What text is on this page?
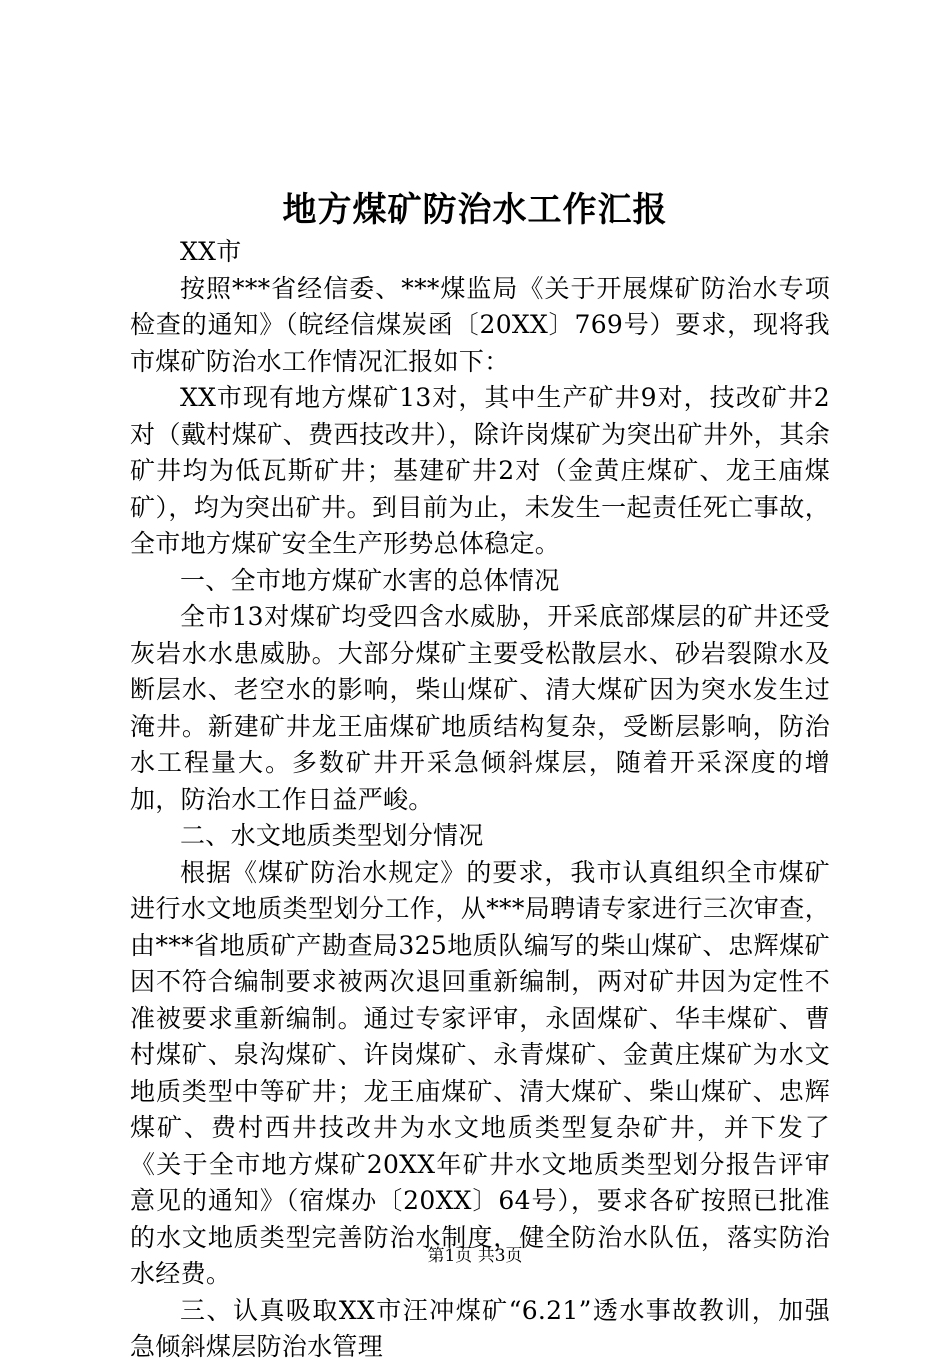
地方煤矿防治水工作汇报

XX市

按照***省经信委、***煤监局《关于开展煤矿防治水专项检查的通知》（皖经信煤炭函〔20XX〕769号）要求，现将我市煤矿防治水工作情况汇报如下：

XX市现有地方煤矿13对，其中生产矿井9对，技改矿井2对（戴村煤矿、费西技改井），除许岗煤矿为突出矿井外，其余矿井均为低瓦斯矿井；基建矿井2对（金黄庄煤矿、龙王庙煤矿），均为突出矿井。到目前为止，未发生一起责任死亡事故，全市地方煤矿安全生产形势总体稳定。

一、全市地方煤矿水害的总体情况

全市13对煤矿均受四含水威胁，开采底部煤层的矿井还受灰岩水水患威胁。大部分煤矿主要受松散层水、砂岩裂隙水及断层水、老空水的影响，柴山煤矿、清大煤矿因为突水发生过淹井。新建矿井龙王庙煤矿地质结构复杂，受断层影响，防治水工程量大。多数矿井开采急倾斜煤层，随着开采深度的增加，防治水工作日益严峻。

二、水文地质类型划分情况

根据《煤矿防治水规定》的要求，我市认真组织全市煤矿进行水文地质类型划分工作，从***局聘请专家进行三次审查，由***省地质矿产勘查局325地质队编写的柴山煤矿、忠辉煤矿因不符合编制要求被两次退回重新编制，两对矿井因为定性不准被要求重新编制。通过专家评审，永固煤矿、华丰煤矿、曹村煤矿、泉沟煤矿、许岗煤矿、永青煤矿、金黄庄煤矿为水文地质类型中等矿井；龙王庙煤矿、清大煤矿、柴山煤矿、忠辉煤矿、费村西井技改井为水文地质类型复杂矿井，并下发了《关于全市地方煤矿20XX年矿井水文地质类型划分报告评审意见的通知》（宿煤办〔20XX〕64号），要求各矿按照已批准的水文地质类型完善防治水制度，健全防治水队伍，落实防治水经费。

三、认真吸取XX市汪冲煤矿“6.21”透水事故教训，加强急倾斜煤层防治水管理

第1页 共3页
